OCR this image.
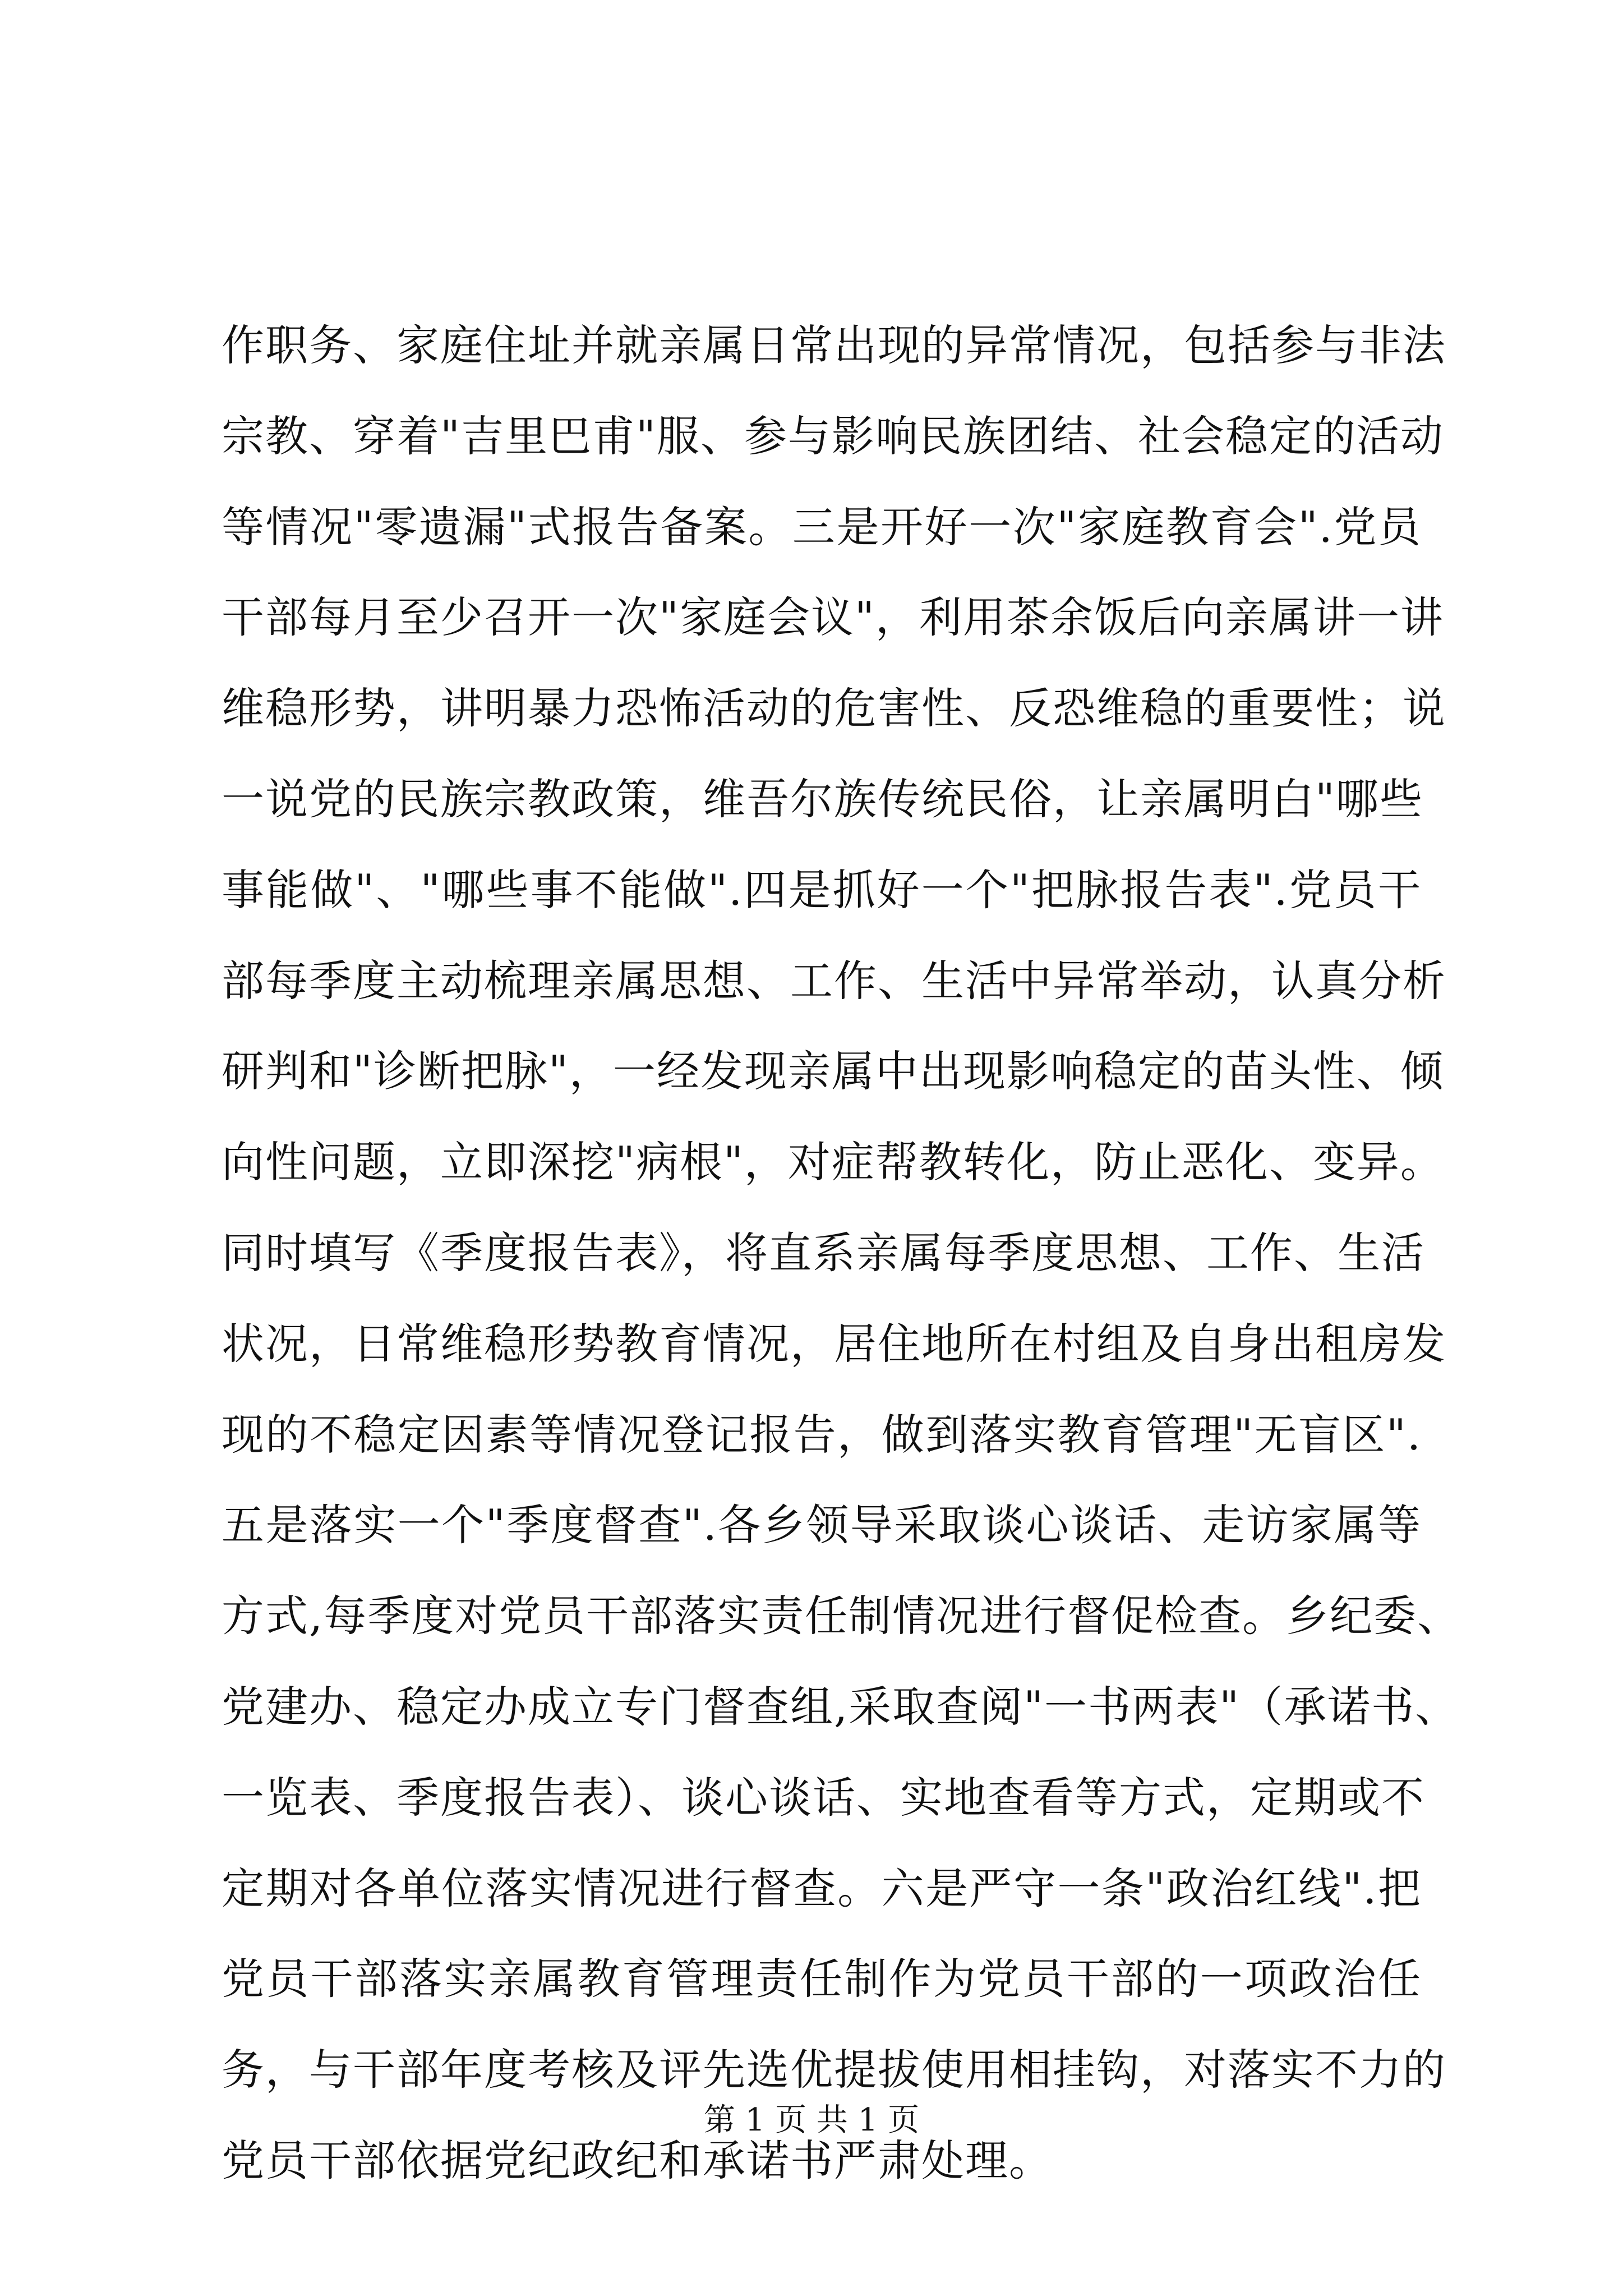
作职务、家庭住址并就亲属日常出现的异常情况，包括参与非法
宗教、穿着"吉里巴甫"服、参与影响民族团结、社会稳定的活动
等情况"零遗漏"式报告备案。三是开好一次"家庭教育会".党员
干部每月至少召开一次"家庭会议"，利用茶余饭后向亲属讲一讲
维稳形势，讲明暴力恐怖活动的危害性、反恐维稳的重要性；说
一说党的民族宗教政策，维吾尔族传统民俗，让亲属明白"哪些
事能做"、"哪些事不能做".四是抓好一个"把脉报告表".党员干
部每季度主动梳理亲属思想、工作、生活中异常举动，认真分析
研判和"诊断把脉"，一经发现亲属中出现影响稳定的苗头性、倾
向性问题，立即深挖"病根"，对症帮教转化，防止恶化、变异。
同时填写《季度报告表》，将直系亲属每季度思想、工作、生活
状况，日常维稳形势教育情况，居住地所在村组及自身出租房发
现的不稳定因素等情况登记报告，做到落实教育管理"无盲区".
五是落实一个"季度督查".各乡领导采取谈心谈话、走访家属等
方式,每季度对党员干部落实责任制情况进行督促检查。乡纪委、
党建办、稳定办成立专门督查组,采取查阅"一书两表"（承诺书、
一览表、季度报告表）、谈心谈话、实地查看等方式，定期或不
定期对各单位落实情况进行督查。六是严守一条"政治红线".把
党员干部落实亲属教育管理责任制作为党员干部的一项政治任
务，与干部年度考核及评先选优提拔使用相挂钩，对落实不力的
党员干部依据党纪政纪和承诺书严肃处理。
第 1 页 共 1 页
